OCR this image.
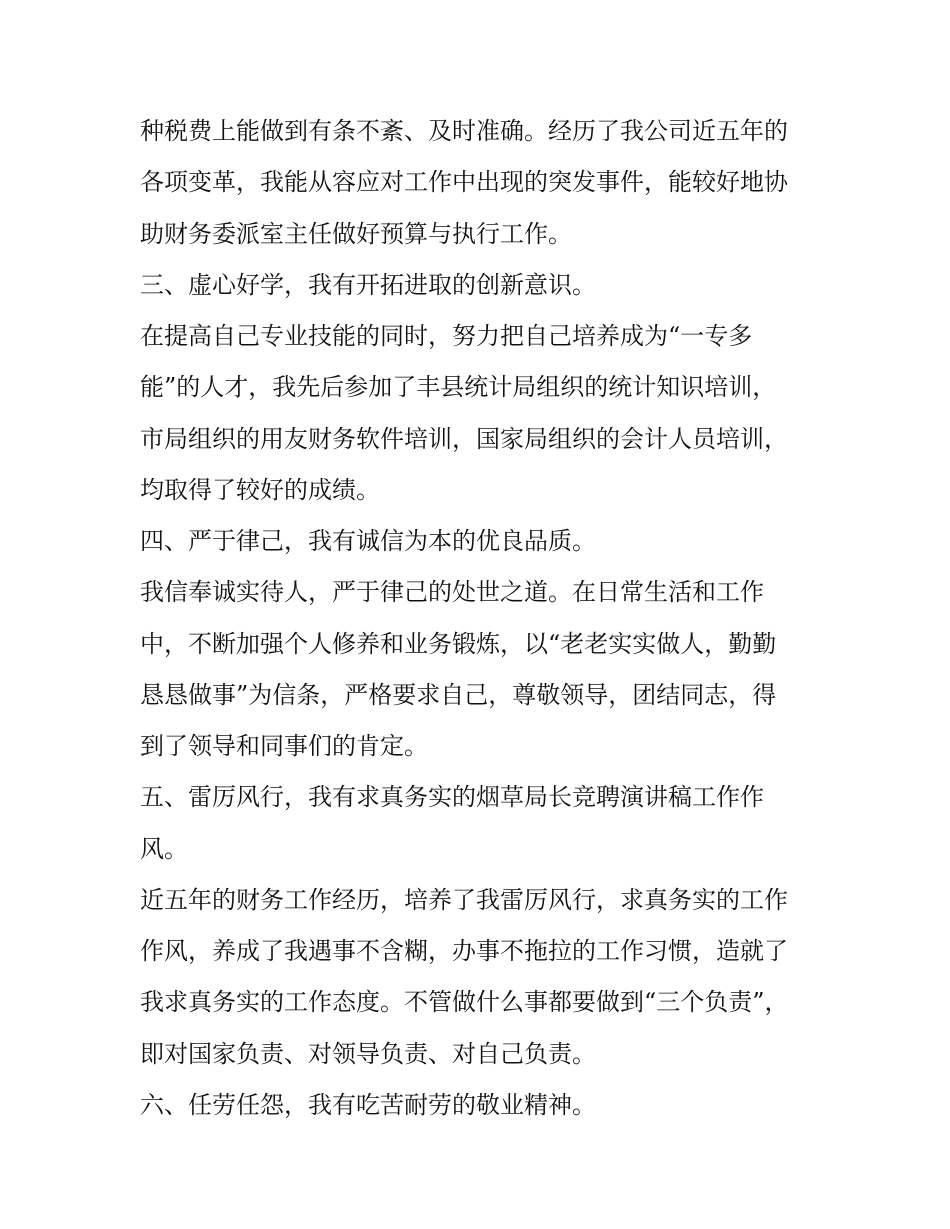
种税费上能做到有条不紊、及时准确。经历了我公司近五年的
各项变革，我能从容应对工作中出现的突发事件，能较好地协
助财务委派室主任做好预算与执行工作。
三、虚心好学，我有开拓进取的创新意识。
在提高自己专业技能的同时，努力把自己培养成为“一专多
能”的人才，我先后参加了丰县统计局组织的统计知识培训，
市局组织的用友财务软件培训，国家局组织的会计人员培训，
均取得了较好的成绩。
四、严于律己，我有诚信为本的优良品质。
我信奉诚实待人，严于律己的处世之道。在日常生活和工作
中，不断加强个人修养和业务锻炼，以“老老实实做人，勤勤
恳恳做事”为信条，严格要求自己，尊敬领导，团结同志，得
到了领导和同事们的肯定。
五、雷厉风行，我有求真务实的烟草局长竞聘演讲稿工作作
风。
近五年的财务工作经历，培养了我雷厉风行，求真务实的工作
作风，养成了我遇事不含糊，办事不拖拉的工作习惯，造就了
我求真务实的工作态度。不管做什么事都要做到“三个负责”，
即对国家负责、对领导负责、对自己负责。
六、任劳任怨，我有吃苦耐劳的敬业精神。
